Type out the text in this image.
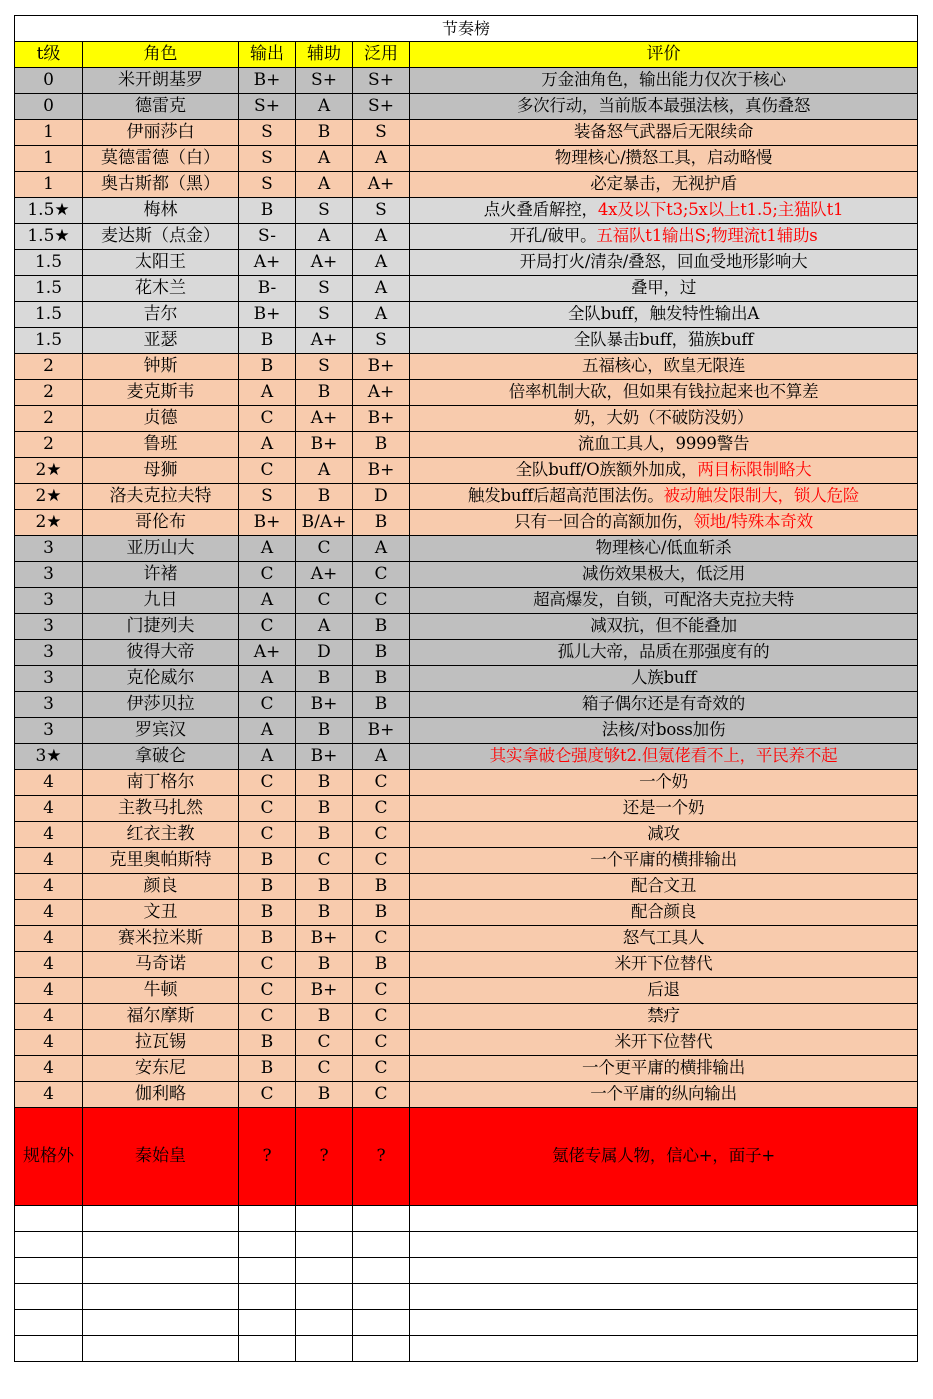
节奏榜					
t级	角色	输出	辅助	泛用	评价
0	米开朗基罗	B+	S+	S+	万金油角色，输出能力仅次于核心
0	德雷克	S+	A	S+	多次行动，当前版本最强法核，真伤叠怒
1	伊丽莎白	S	B	S	装备怒气武器后无限续命
1	莫德雷德（白）	S	A	A	物理核心/攒怒工具，启动略慢
1	奥古斯都（黑）	S	A	A+	必定暴击，无视护盾
1.5★	梅林	B	S	S	点火叠盾解控，4x及以下t3;5x以上t1.5;主猫队t1
1.5★	麦达斯（点金）	S-	A	A	开孔/破甲。五福队t1输出S;物理流t1辅助s
1.5	太阳王	A+	A+	A	开局打火/清杂/叠怒，回血受地形影响大
1.5	花木兰	B-	S	A	叠甲，过
1.5	吉尔	B+	S	A	全队buff，触发特性输出A
1.5	亚瑟	B	A+	S	全队暴击buff，猫族buff
2	钟斯	B	S	B+	五福核心，欧皇无限连
2	麦克斯韦	A	B	A+	倍率机制大砍，但如果有钱拉起来也不算差
2	贞德	C	A+	B+	奶，大奶（不破防没奶）
2	鲁班	A	B+	B	流血工具人，9999警告
2★	母狮	C	A	B+	全队buff/O族额外加成，两目标限制略大
2★	洛夫克拉夫特	S	B	D	触发buff后超高范围法伤。被动触发限制大，锁人危险
2★	哥伦布	B+	B/A+	B	只有一回合的高额加伤，领地/特殊本奇效
3	亚历山大	A	C	A	物理核心/低血斩杀
3	许褚	C	A+	C	减伤效果极大，低泛用
3	九日	A	C	C	超高爆发，自锁，可配洛夫克拉夫特
3	门捷列夫	C	A	B	减双抗，但不能叠加
3	彼得大帝	A+	D	B	孤儿大帝，品质在那强度有的
3	克伦威尔	A	B	B	人族buff
3	伊莎贝拉	C	B+	B	箱子偶尔还是有奇效的
3	罗宾汉	A	B	B+	法核/对boss加伤
3★	拿破仑	A	B+	A	其实拿破仑强度够t2.但氪佬看不上，平民养不起
4	南丁格尔	C	B	C	一个奶
4	主教马扎然	C	B	C	还是一个奶
4	红衣主教	C	B	C	减攻
4	克里奥帕斯特	B	C	C	一个平庸的横排输出
4	颜良	B	B	B	配合文丑
4	文丑	B	B	B	配合颜良
4	赛米拉米斯	B	B+	C	怒气工具人
4	马奇诺	C	B	B	米开下位替代
4	牛顿	C	B+	C	后退
4	福尔摩斯	C	B	C	禁疗
4	拉瓦锡	B	C	C	米开下位替代
4	安东尼	B	C	C	一个更平庸的横排输出
4	伽利略	C	B	C	一个平庸的纵向输出
规格外	秦始皇	?	?	?	氪佬专属人物，信心+，面子+
